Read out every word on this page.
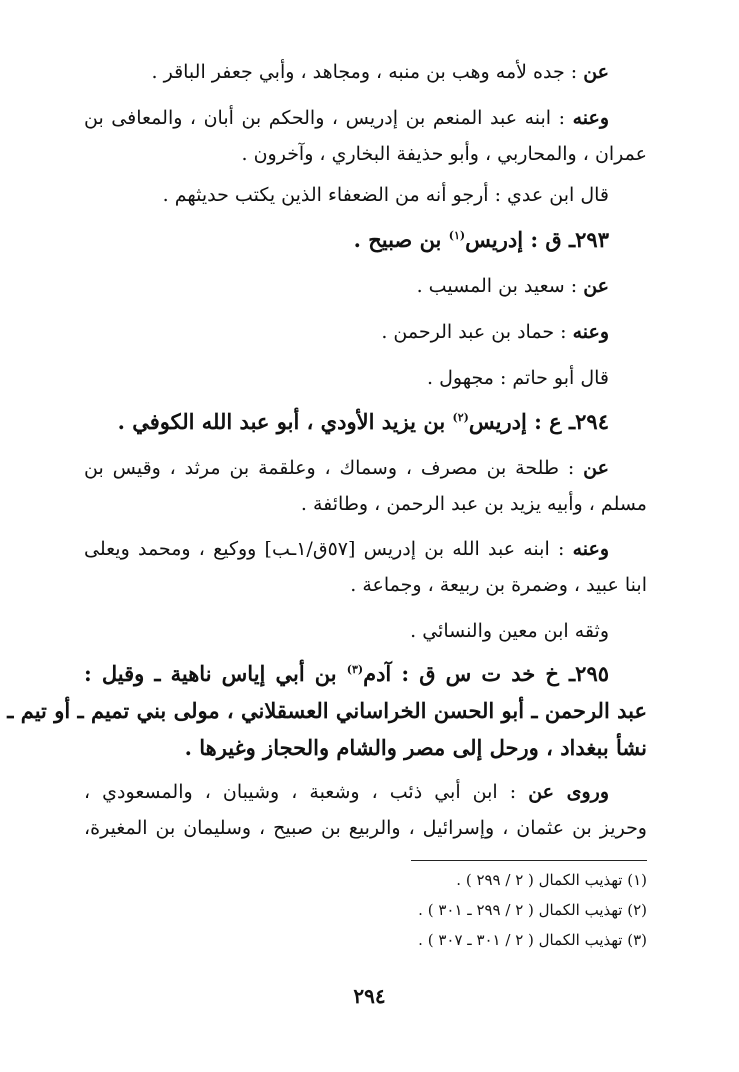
عن : جده لأمه وهب بن منبه ، ومجاهد ، وأبي جعفر الباقر .
وعنه : ابنه عبد المنعم بن إدريس ، والحكم بن أبان ، والمعافى بن
عمران ، والمحاربي ، وأبو حذيفة البخاري ، وآخرون .
قال ابن عدي : أرجو أنه من الضعفاء الذين يكتب حديثهم .
٢٩٣ـ ق : إدريس$^{(١)}$ بن صبيح .
عن : سعيد بن المسيب .
وعنه : حماد بن عبد الرحمن .
قال أبو حاتم : مجهول .
٢٩٤ـ ع : إدريس$^{(٢)}$ بن يزيد الأودي ، أبو عبد الله الكوفي .
عن : طلحة بن مصرف ، وسماك ، وعلقمة بن مرثد ، وقيس بن
مسلم ، وأبيه يزيد بن عبد الرحمن ، وطائفة .
وعنه : ابنه عبد الله بن إدريس [٥٧ق/١ـب] ووكيع ، ومحمد ويعلى
ابنا عبيد ، وضمرة بن ربيعة ، وجماعة .
وثقه ابن معين والنسائي .
٢٩٥ـ خ خد ت س ق : آدم$^{(٣)}$ بن أبي إياس ناهية ـ وقيل :
عبد الرحمن ـ أبو الحسن الخراساني العسقلاني ، مولى بني تميم ـ أو تيم ـ
نشأ ببغداد ، ورحل إلى مصر والشام والحجاز وغيرها .
وروى عن : ابن أبي ذئب ، وشعبة ، وشيبان ، والمسعودي ،
وحريز بن عثمان ، وإسرائيل ، والربيع بن صبيح ، وسليمان بن المغيرة،
(١) تهذيب الكمال ( ٢ / ٢٩٩ ) .
(٢) تهذيب الكمال ( ٢ / ٢٩٩ ـ ٣٠١ ) .
(٣) تهذيب الكمال ( ٢ / ٣٠١ ـ ٣٠٧ ) .
٢٩٤
